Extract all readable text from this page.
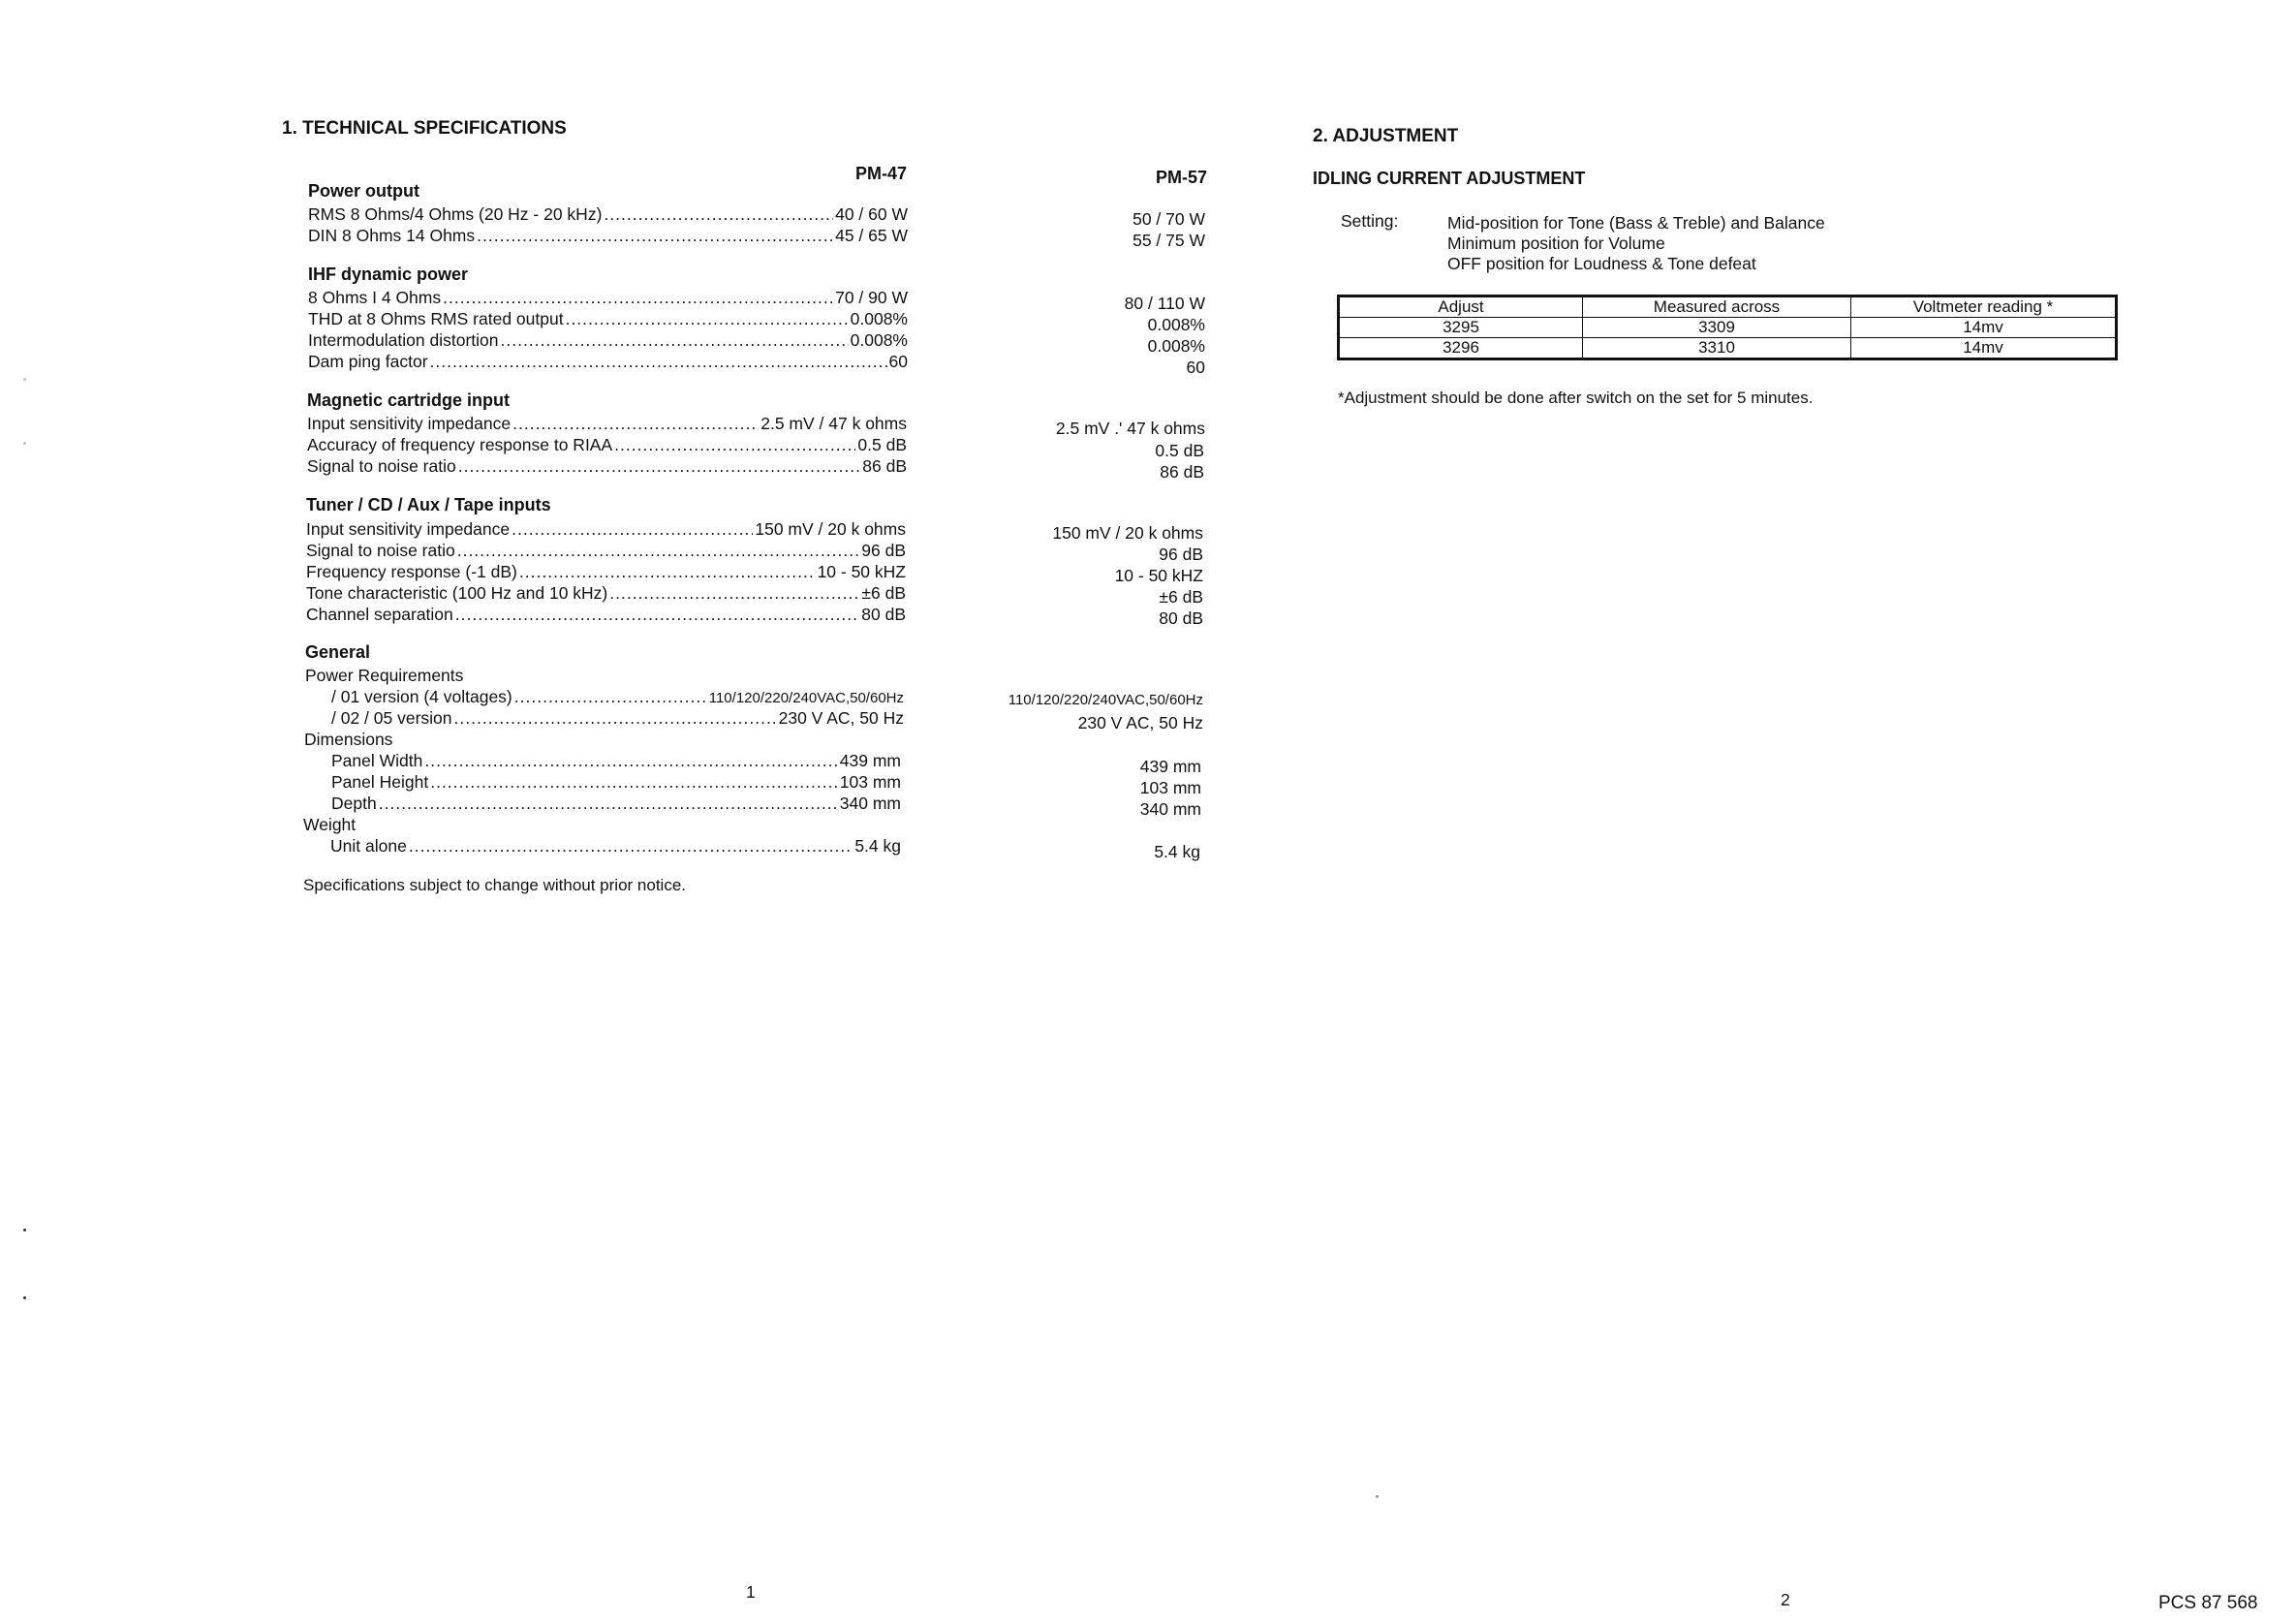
1. TECHNICAL SPECIFICATIONS
PM-47	PM-57
Power output
RMS 8 Ohms/4 Ohms (20 Hz - 20 kHz) .....	40 / 60 W	50 / 70 W
DIN 8 Ohms 14 Ohms .....	45 / 65 W	55 / 75 W
IHF dynamic power
8 Ohms I 4 Ohms .....	70 / 90 W	80 / 110 W
THD at 8 Ohms RMS rated output .....	0.008%	0.008%
Intermodulation distortion .....	0.008%	0.008%
Dam ping factor .....	60	60
Magnetic cartridge input
Input sensitivity impedance .....	2.5 mV / 47 k ohms	2.5 mV .' 47 k ohms
Accuracy of frequency response to RIAA .....	0.5 dB	0.5 dB
Signal to noise ratio .....	86 dB	86 dB
Tuner / CD / Aux / Tape inputs
Input sensitivity impedance .....	150 mV / 20 k ohms	150 mV / 20 k ohms
Signal to noise ratio .....	96 dB	96 dB
Frequency response (-1 dB) .....	10 - 50 kHZ	10 - 50 kHZ
Tone characteristic (100 Hz and 10 kHz) .....	±6 dB	±6 dB
Channel separation .....	80 dB	80 dB
General
Power Requirements
/ 01 version (4 voltages) .....	110/120/220/240VAC,50/60Hz	110/120/220/240VAC,50/60Hz
/ 02 / 05 version .....	230 V AC, 50 Hz	230 V AC, 50 Hz
Dimensions
Panel Width .....	439 mm	439 mm
Panel Height .....	103 mm	103 mm
Depth .....	340 mm	340 mm
Weight
Unit alone .....	5.4 kg	5.4 kg
Specifications subject to change without prior notice.
1
2. ADJUSTMENT
IDLING CURRENT ADJUSTMENT
Setting:	Mid-position for Tone (Bass & Treble) and Balance
Minimum position for Volume
OFF position for Loudness & Tone defeat
Adjust	Measured across	Voltmeter reading *
3295	3309	14mv
3296	3310	14mv
*Adjustment should be done after switch on the set for 5 minutes.
2	PCS 87 568
